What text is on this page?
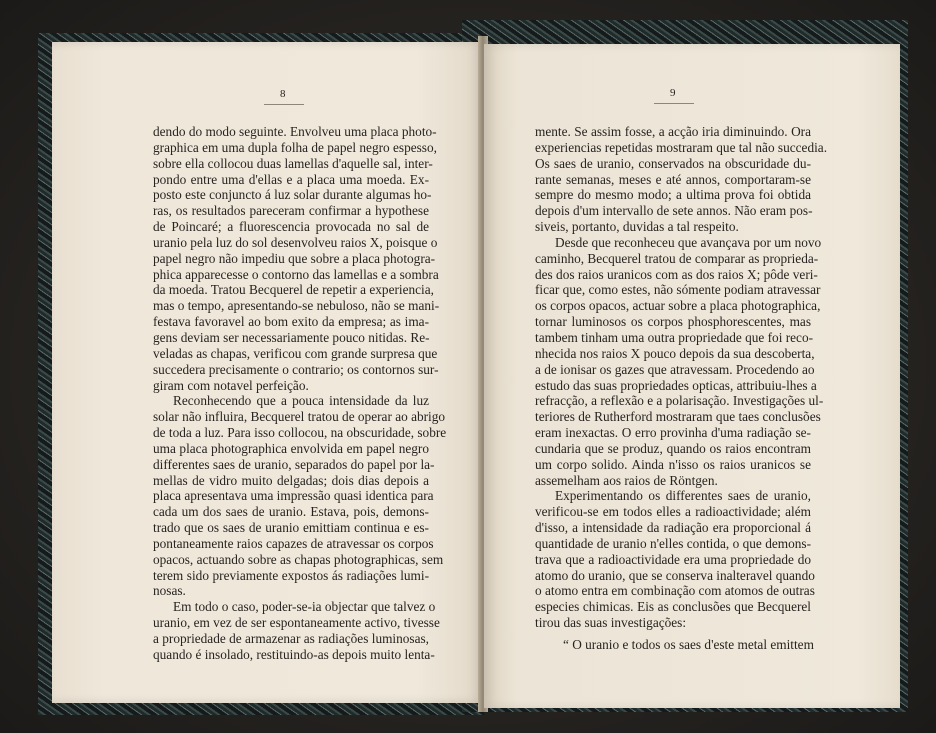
8
dendo do modo seguinte. Envolveu uma placa photo-
graphica em uma dupla folha de papel negro espesso,
sobre ella collocou duas lamellas d'aquelle sal, inter-
pondo entre uma d'ellas e a placa uma moeda. Ex-
posto este conjuncto á luz solar durante algumas ho-
ras, os resultados pareceram confirmar a hypothese
de Poincaré; a fluorescencia provocada no sal de
uranio pela luz do sol desenvolveu raios X, poisque o
papel negro não impediu que sobre a placa photogra-
phica apparecesse o contorno das lamellas e a sombra
da moeda. Tratou Becquerel de repetir a experiencia,
mas o tempo, apresentando-se nebuloso, não se mani-
festava favoravel ao bom exito da empresa; as ima-
gens deviam ser necessariamente pouco nitidas. Re-
veladas as chapas, verificou com grande surpresa que
succedera precisamente o contrario; os contornos sur-
giram com notavel perfeição.
Reconhecendo que a pouca intensidade da luz
solar não influira, Becquerel tratou de operar ao abrigo
de toda a luz. Para isso collocou, na obscuridade, sobre
uma placa photographica envolvida em papel negro
differentes saes de uranio, separados do papel por la-
mellas de vidro muito delgadas; dois dias depois a
placa apresentava uma impressão quasi identica para
cada um dos saes de uranio. Estava, pois, demons-
trado que os saes de uranio emittiam continua e es-
pontaneamente raios capazes de atravessar os corpos
opacos, actuando sobre as chapas photographicas, sem
terem sido previamente expostos ás radiações lumi-
nosas.
Em todo o caso, poder-se-ia objectar que talvez o
uranio, em vez de ser espontaneamente activo, tivesse
a propriedade de armazenar as radiações luminosas,
quando é insolado, restituindo-as depois muito lenta-
9
mente. Se assim fosse, a acção iria diminuindo. Ora
experiencias repetidas mostraram que tal não succedia.
Os saes de uranio, conservados na obscuridade du-
rante semanas, meses e até annos, comportaram-se
sempre do mesmo modo; a ultima prova foi obtida
depois d'um intervallo de sete annos. Não eram pos-
siveis, portanto, duvidas a tal respeito.
Desde que reconheceu que avançava por um novo
caminho, Becquerel tratou de comparar as proprieda-
des dos raios uranicos com as dos raios X; pôde veri-
ficar que, como estes, não sómente podiam atravessar
os corpos opacos, actuar sobre a placa photographica,
tornar luminosos os corpos phosphorescentes, mas
tambem tinham uma outra propriedade que foi reco-
nhecida nos raios X pouco depois da sua descoberta,
a de ionisar os gazes que atravessam. Procedendo ao
estudo das suas propriedades opticas, attribuiu-lhes a
refracção, a reflexão e a polarisação. Investigações ul-
teriores de Rutherford mostraram que taes conclusões
eram inexactas. O erro provinha d'uma radiação se-
cundaria que se produz, quando os raios encontram
um corpo solido. Ainda n'isso os raios uranicos se
assemelham aos raios de Röntgen.
Experimentando os differentes saes de uranio,
verificou-se em todos elles a radioactividade; além
d'isso, a intensidade da radiação era proporcional á
quantidade de uranio n'elles contida, o que demons-
trava que a radioactividade era uma propriedade do
atomo do uranio, que se conserva inalteravel quando
o atomo entra em combinação com atomos de outras
especies chimicas. Eis as conclusões que Becquerel
tirou das suas investigações:
“ O uranio e todos os saes d'este metal emittem
